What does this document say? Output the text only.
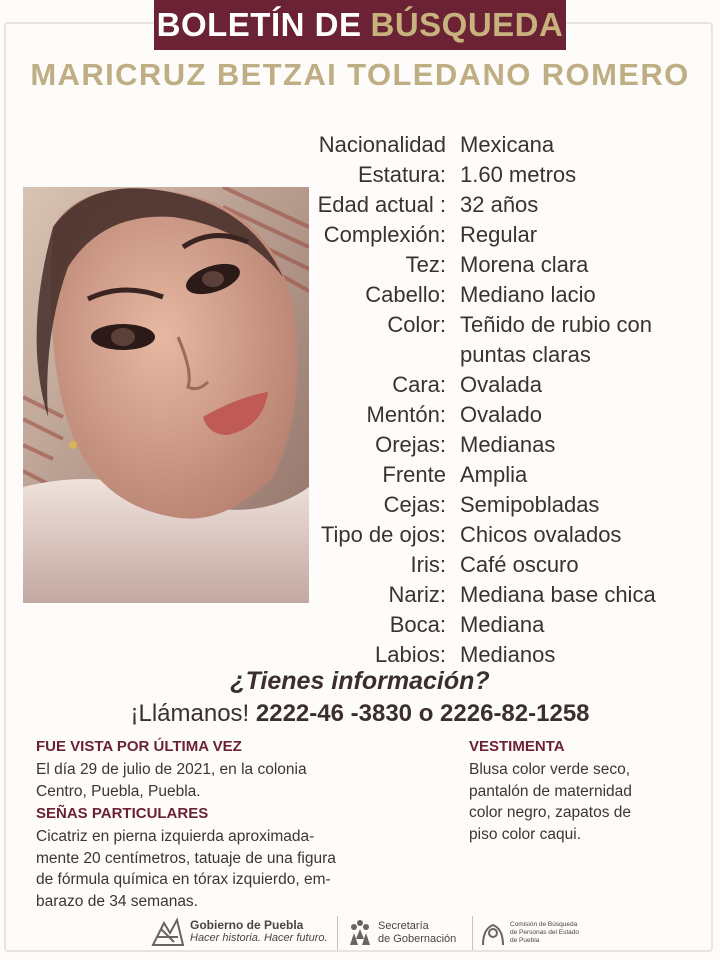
BOLETÍN DE BÚSQUEDA
MARICRUZ BETZAI TOLEDANO ROMERO
Nacionalidad Mexicana
Estatura: 1.60 metros
Edad actual : 32 años
Complexión: Regular
Tez: Morena clara
Cabello: Mediano lacio
Color: Teñido de rubio con
puntas claras
Cara: Ovalada
Mentón: Ovalado
Orejas: Medianas
Frente Amplia
Cejas: Semipobladas
Tipo de ojos: Chicos ovalados
Iris: Café oscuro
Nariz: Mediana base chica
Boca: Mediana
Labios: Medianos
¿Tienes información?
¡Llámanos! 2222-46 -3830 o 2226-82-1258
FUE VISTA POR ÚLTIMA VEZ
El día 29 de julio de 2021, en la colonia
Centro, Puebla, Puebla.
SEÑAS PARTICULARES
Cicatriz en pierna izquierda aproximada-
mente 20 centímetros, tatuaje de una figura
de fórmula química en tórax izquierdo, em-
barazo de 34 semanas.
VESTIMENTA
Blusa color verde seco,
pantalón de maternidad
color negro, zapatos de
piso color caqui.
Gobierno de Puebla
Hacer historia. Hacer futuro.
Secretaría
de Gobernación
Comisión de Búsqueda
de Personas del Estado
de Puebla
